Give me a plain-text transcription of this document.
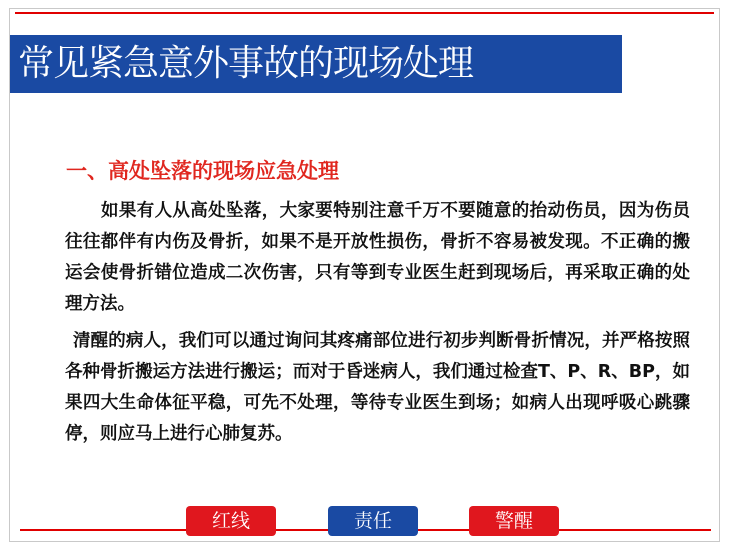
常见紧急意外事故的现场处理
一、高处坠落的现场应急处理
如果有人从高处坠落，大家要特别注意千万不要随意的抬动伤员，因为伤员往往都伴有内伤及骨折，如果不是开放性损伤，骨折不容易被发现。不正确的搬运会使骨折错位造成二次伤害，只有等到专业医生赶到现场后，再采取正确的处理方法。
清醒的病人，我们可以通过询问其疼痛部位进行初步判断骨折情况，并严格按照各种骨折搬运方法进行搬运；而对于昏迷病人，我们通过检查T、P、R、BP，如果四大生命体征平稳，可先不处理，等待专业医生到场；如病人出现呼吸心跳骤停，则应马上进行心肺复苏。
红线	责任	警醒
